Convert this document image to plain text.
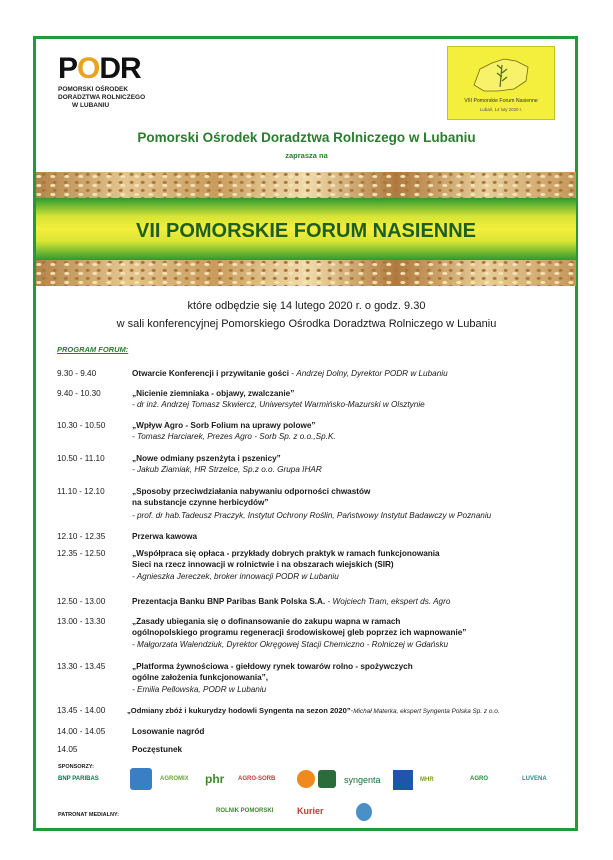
PODR
POMORSKI OŚRODEK
DORADZTWA ROLNICZEGO
W LUBANIU
VIII Pomorskie Forum Nasienne
Lubań, 14 luty 2020 r.
Pomorski Ośrodek Doradztwa Rolniczego w Lubaniu
zaprasza na
VII POMORSKIE FORUM NASIENNE
które odbędzie się 14 lutego 2020 r. o godz. 9.30
w sali konferencyjnej Pomorskiego Ośrodka Doradztwa Rolniczego w Lubaniu
PROGRAM FORUM:
9.30 - 9.40	Otwarcie Konferencji i przywitanie gości - Andrzej Dolny, Dyrektor PODR w Lubaniu
9.40 - 10.30	„Nicienie ziemniaka - objawy, zwalczanie”
- dr inż. Andrzej Tomasz Skwiercz, Uniwersytet Warmińsko-Mazurski w Olsztynie
10.30 - 10.50	„Wpływ Agro - Sorb Folium na uprawy polowe”
- Tomasz Harciarek, Prezes Agro - Sorb Sp. z o.o.,Sp.K.
10.50 - 11.10	„Nowe odmiany pszenżyta i pszenicy”
- Jakub Ziamiak, HR Strzelce, Sp.z o.o. Grupa IHAR
11.10 - 12.10	„Sposoby przeciwdziałania nabywaniu odporności chwastów
na substancje czynne herbicydów”
- prof. dr hab.Tadeusz Praczyk, Instytut Ochrony Roślin, Państwowy Instytut Badawczy w Poznaniu
12.10 - 12.35	Przerwa kawowa
12.35 - 12.50	„Współpraca się opłaca - przykłady dobrych praktyk w ramach funkcjonowania
Sieci na rzecz innowacji w rolnictwie i na obszarach wiejskich (SIR)
- Agnieszka Jereczek, broker innowacji PODR w Lubaniu
12.50 - 13.00	Prezentacja Banku BNP Paribas Bank Polska S.A. - Wojciech Tram, ekspert ds. Agro
13.00 - 13.30	„Zasady ubiegania się o dofinansowanie do zakupu wapna w ramach
ogólnopolskiego programu regeneracji środowiskowej gleb poprzez ich wapnowanie”
- Małgorzata Walendziuk, Dyrektor Okręgowej Stacji Chemiczno - Rolniczej w Gdańsku
13.30 - 13.45	„Platforma żywnościowa - giełdowy rynek towarów rolno - spożywczych
ogólne założenia funkcjonowania”,
- Emilia Pellowska, PODR w Lubaniu
13.45 - 14.00	„Odmiany zbóż i kukurydzy hodowli Syngenta na sezon 2020”-Michał Materka, ekspert Syngenta Polska Sp. z o.o.
14.00 - 14.05	Losowanie nagród
14.05	Poczęstunek
SPONSORZY:
BNP PARIBAS	AGROMIX phr AGRO-SORB	syngenta	MHR	AGRO	LUVENA
PATRONAT MEDIALNY:
ROLNIK POMORSKI	Kurier
